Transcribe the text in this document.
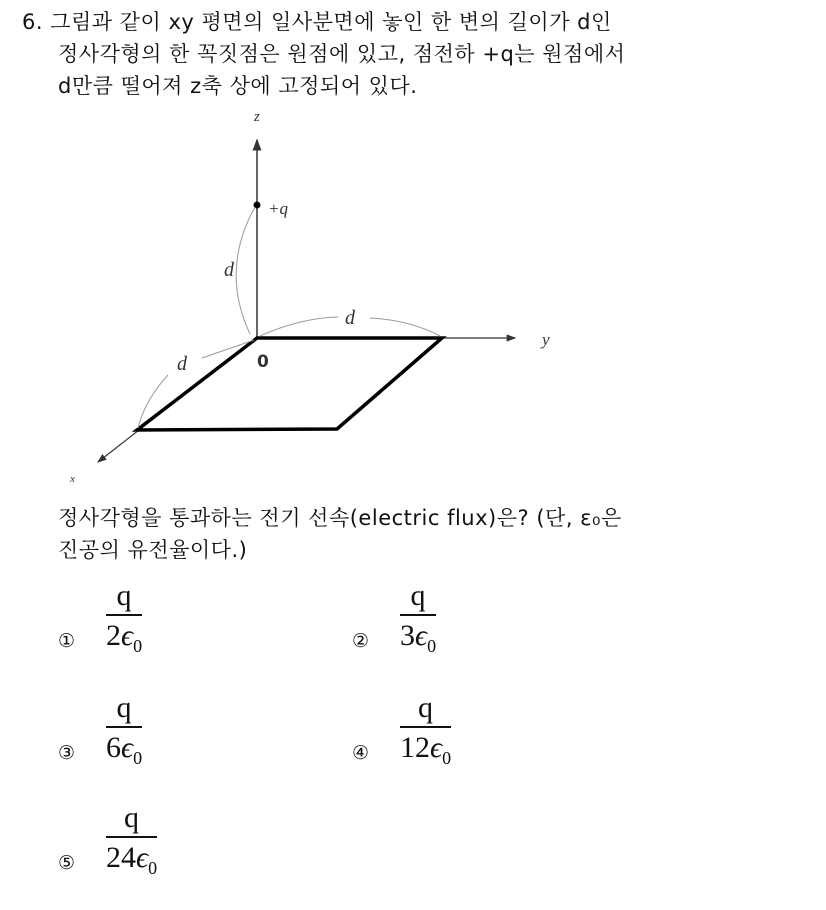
6. 그림과 같이 xy 평면의 일사분면에 놓인 한 변의 길이가 d인
정사각형의 한 꼭짓점은 원점에 있고, 점전하 +q는 원점에서
d만큼 떨어져 z축 상에 고정되어 있다.
z
y
x
+q
d
d
d	0
정사각형을 통과하는 전기 선속(electric flux)은? (단, ε₀은
진공의 유전율이다.)
① $\frac{q}{2\epsilon_0}$	② $\frac{q}{3\epsilon_0}$
③ $\frac{q}{6\epsilon_0}$	④ $\frac{q}{12\epsilon_0}$
⑤ $\frac{q}{24\epsilon_0}$
